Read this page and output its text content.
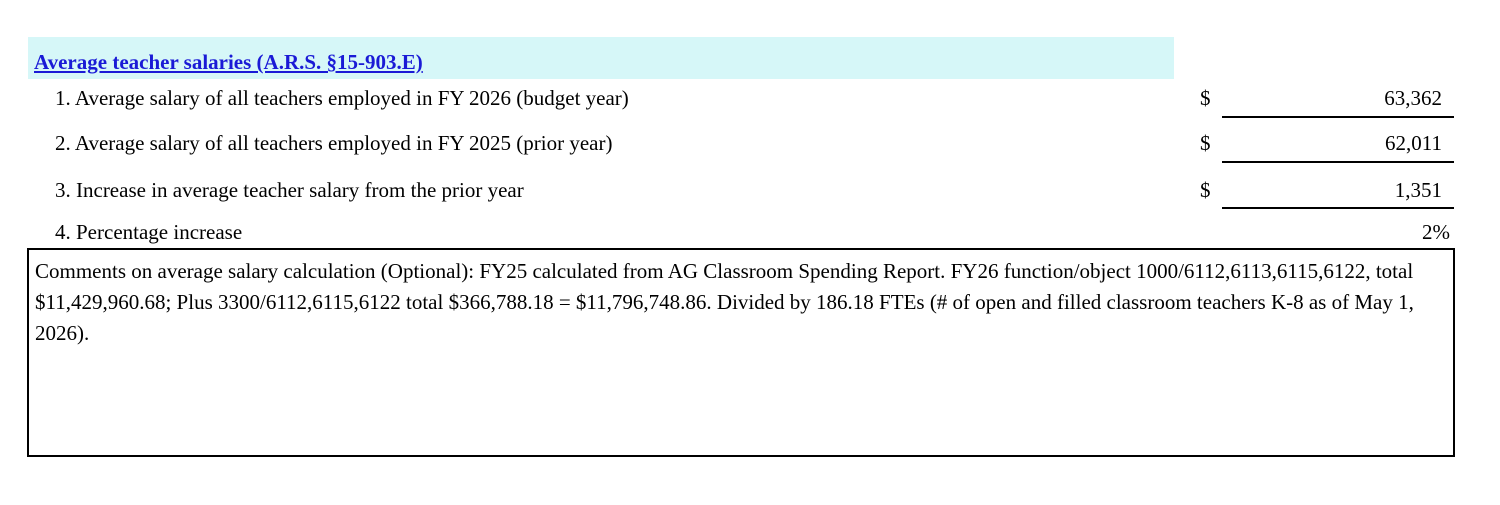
Average teacher salaries (A.R.S. §15-903.E)
1. Average salary of all teachers employed in FY 2026 (budget year)	$	63,362
2. Average salary of all teachers employed in FY 2025 (prior year)	$	62,011
3. Increase in average teacher salary from the prior year	$	1,351
4. Percentage increase	2%
Comments on average salary calculation (Optional): FY25 calculated from AG Classroom Spending Report. FY26 function/object 1000/6112,6113,6115,6122, total $11,429,960.68; Plus 3300/6112,6115,6122 total $366,788.18 = $11,796,748.86. Divided by 186.18 FTEs (# of open and filled classroom teachers K-8 as of May 1, 2026).
